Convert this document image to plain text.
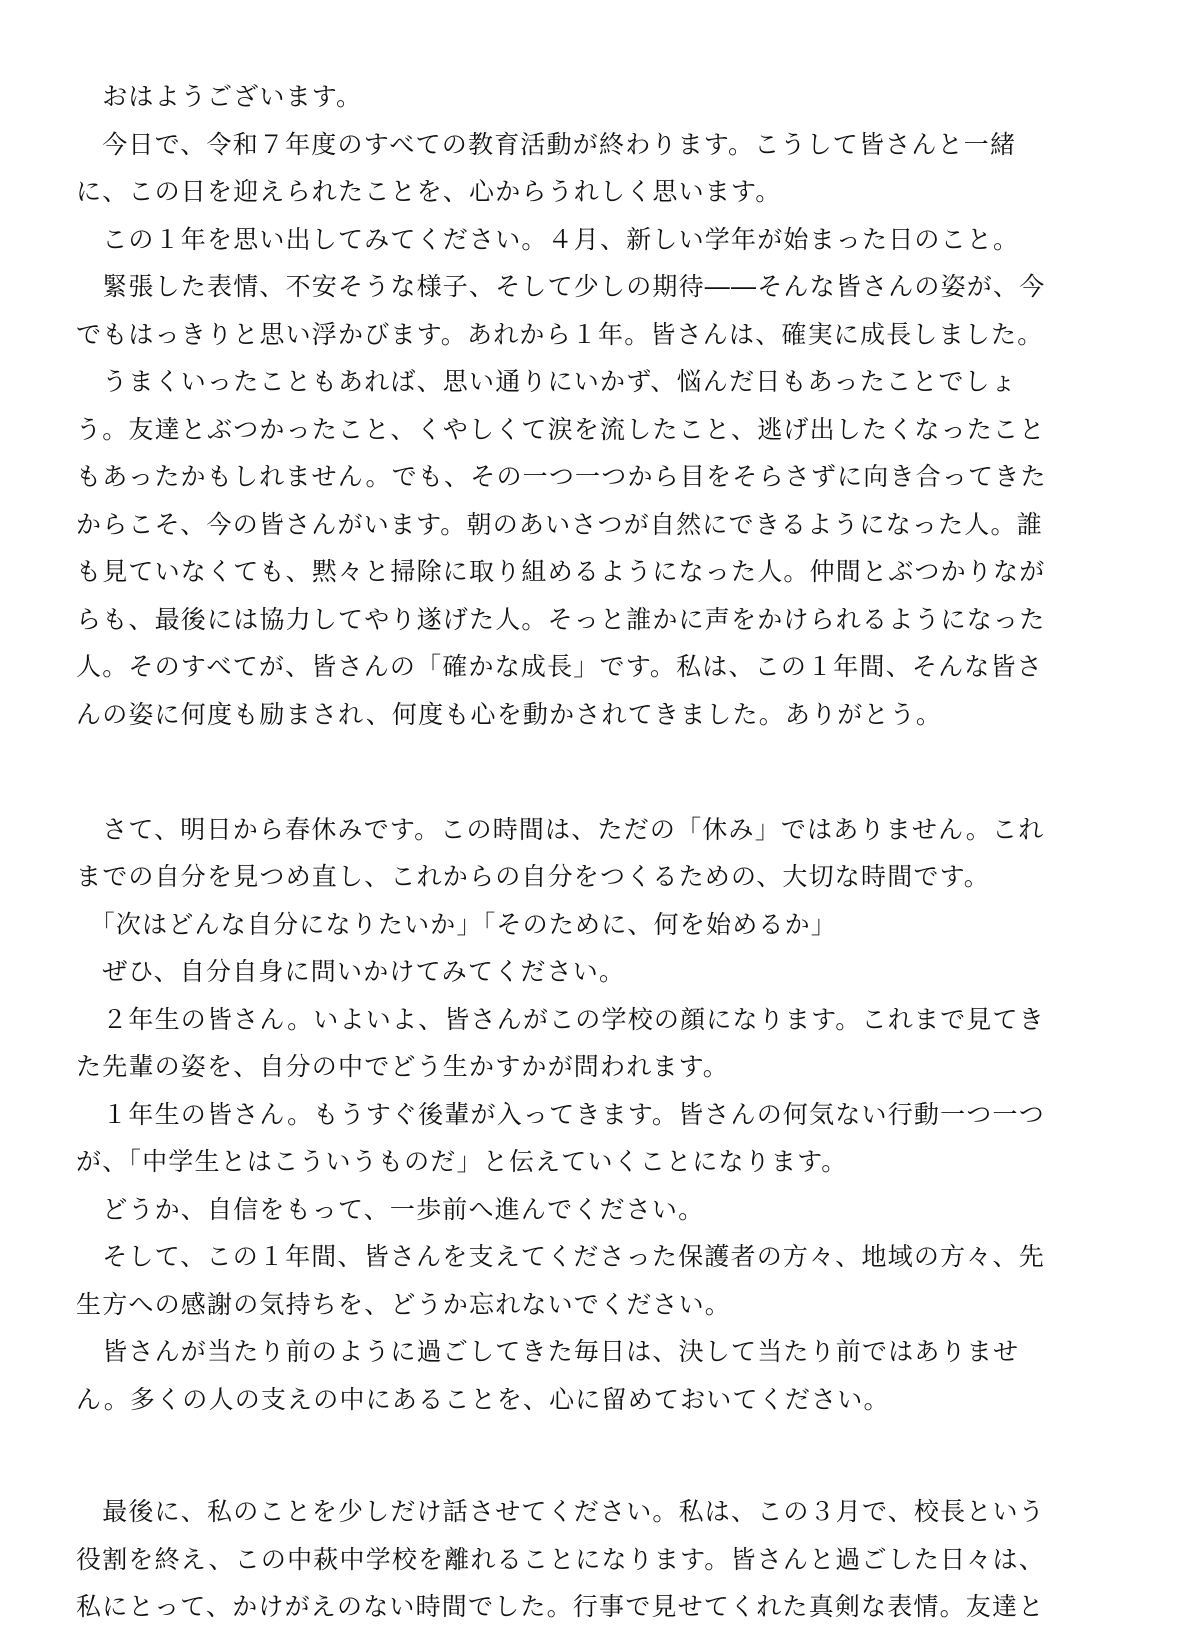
　おはようございます。

　今日で、令和７年度のすべての教育活動が終わります。こうして皆さんと一緒

に、この日を迎えられたことを、心からうれしく思います。

　この１年を思い出してみてください。４月、新しい学年が始まった日のこと。

　緊張した表情、不安そうな様子、そして少しの期待――そんな皆さんの姿が、今

でもはっきりと思い浮かびます。あれから１年。皆さんは、確実に成長しました。

　うまくいったこともあれば、思い通りにいかず、悩んだ日もあったことでしょ

う。友達とぶつかったこと、くやしくて涙を流したこと、逃げ出したくなったこと

もあったかもしれません。でも、その一つ一つから目をそらさずに向き合ってきた

からこそ、今の皆さんがいます。朝のあいさつが自然にできるようになった人。誰

も見ていなくても、黙々と掃除に取り組めるようになった人。仲間とぶつかりなが

らも、最後には協力してやり遂げた人。そっと誰かに声をかけられるようになった

人。そのすべてが、皆さんの「確かな成長」です。私は、この１年間、そんな皆さ

んの姿に何度も励まされ、何度も心を動かされてきました。ありがとう。

　さて、明日から春休みです。この時間は、ただの「休み」ではありません。これ

までの自分を見つめ直し、これからの自分をつくるための、大切な時間です。

　「次はどんな自分になりたいか」「そのために、何を始めるか」

　ぜひ、自分自身に問いかけてみてください。

　２年生の皆さん。いよいよ、皆さんがこの学校の顔になります。これまで見てき

た先輩の姿を、自分の中でどう生かすかが問われます。

　１年生の皆さん。もうすぐ後輩が入ってきます。皆さんの何気ない行動一つ一つ

が、「中学生とはこういうものだ」と伝えていくことになります。

　どうか、自信をもって、一歩前へ進んでください。

　そして、この１年間、皆さんを支えてくださった保護者の方々、地域の方々、先

生方への感謝の気持ちを、どうか忘れないでください。

　皆さんが当たり前のように過ごしてきた毎日は、決して当たり前ではありませ

ん。多くの人の支えの中にあることを、心に留めておいてください。

　最後に、私のことを少しだけ話させてください。私は、この３月で、校長という

役割を終え、この中萩中学校を離れることになります。皆さんと過ごした日々は、

私にとって、かけがえのない時間でした。行事で見せてくれた真剣な表情。友達と
